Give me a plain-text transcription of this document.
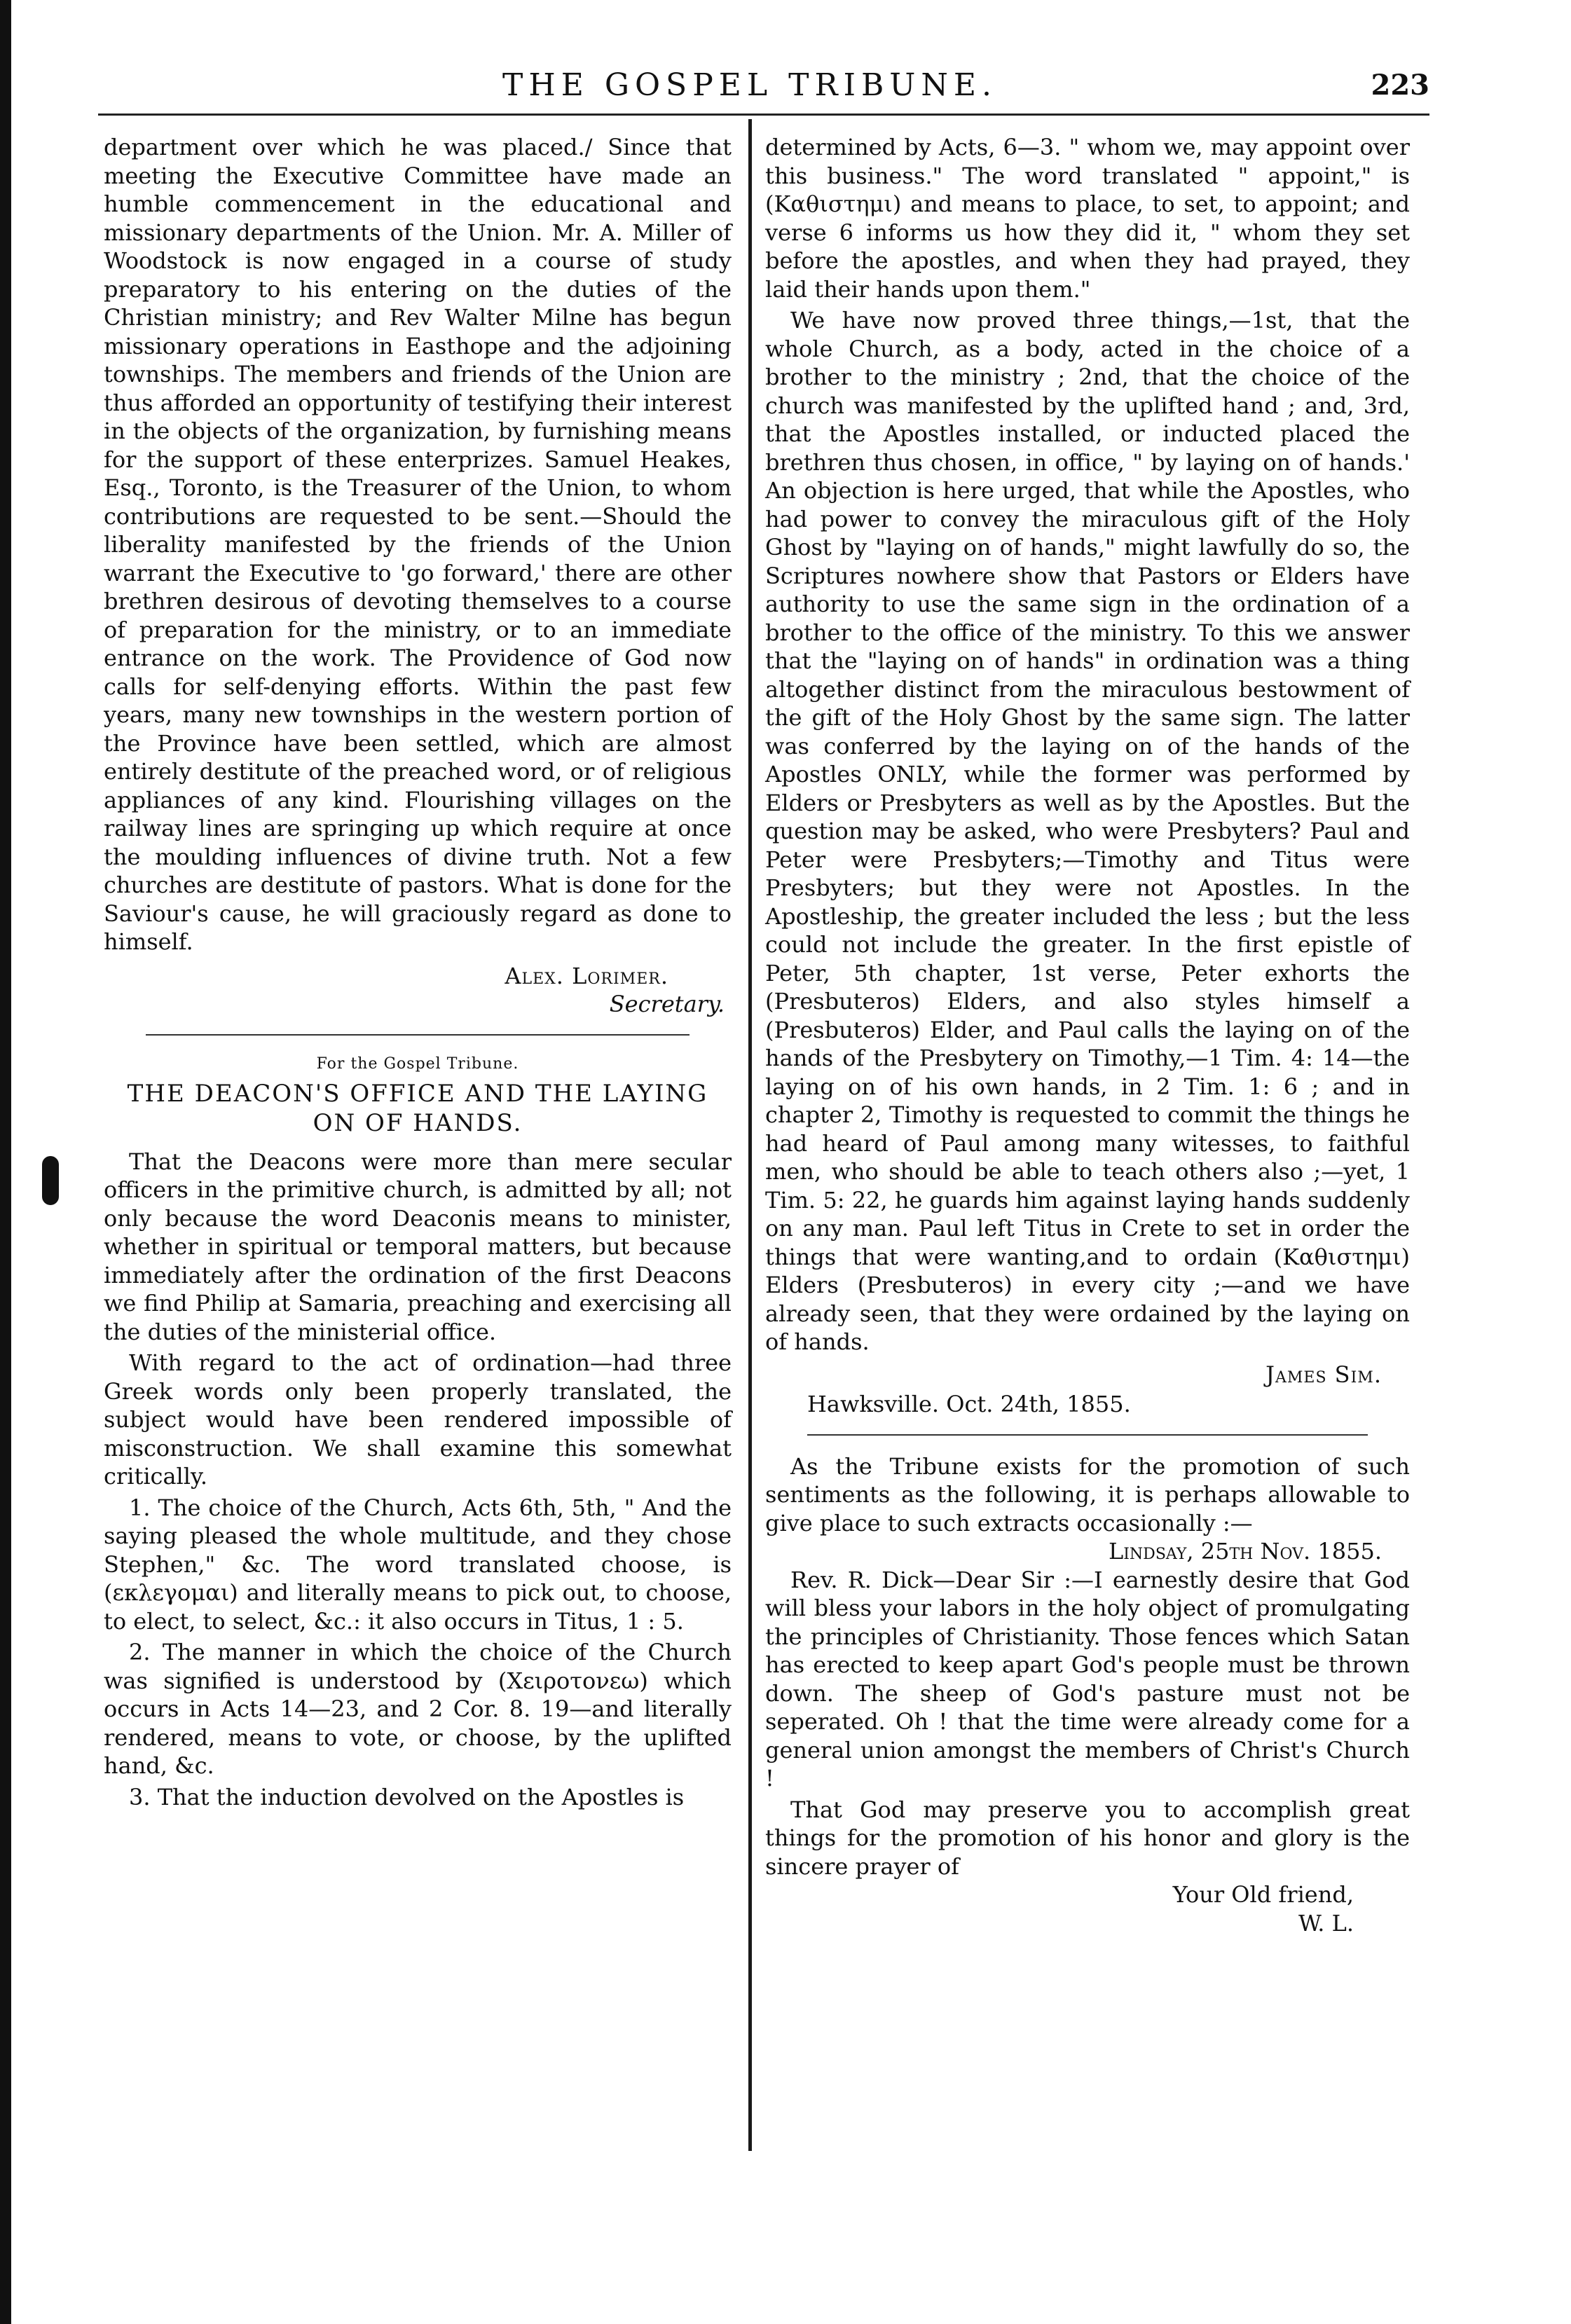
THE GOSPEL TRIBUNE.	223

department over which he was placed./ Since that meeting the Executive Committee have made an humble commencement in the educational and missionary departments of the Union. Mr. A. Miller of Woodstock is now engaged in a course of study preparatory to his entering on the duties of the Christian ministry; and Rev Walter Milne has begun missionary operations in Easthope and the adjoining townships. The members and friends of the Union are thus afforded an opportunity of testifying their interest in the objects of the organization, by furnishing means for the support of these enterprizes. Samuel Heakes, Esq., Toronto, is the Treasurer of the Union, to whom contributions are requested to be sent.—Should the liberality manifested by the friends of the Union warrant the Executive to 'go forward,' there are other brethren desirous of devoting themselves to a course of preparation for the ministry, or to an immediate entrance on the work. The Providence of God now calls for self-denying efforts. Within the past few years, many new townships in the western portion of the Province have been settled, which are almost entirely destitute of the preached word, or of religious appliances of any kind. Flourishing villages on the railway lines are springing up which require at once the moulding influences of divine truth. Not a few churches are destitute of pastors. What is done for the Saviour's cause, he will graciously regard as done to himself.

Alex. Lorimer.
Secretary.
For the Gospel Tribune.
THE DEACON'S OFFICE AND THE LAYING ON OF HANDS.

That the Deacons were more than mere secular officers in the primitive church, is admitted by all; not only because the word Deaconis means to minister, whether in spiritual or temporal matters, but because immediately after the ordination of the first Deacons we find Philip at Samaria, preaching and exercising all the duties of the ministerial office.

With regard to the act of ordination—had three Greek words only been properly translated, the subject would have been rendered impossible of misconstruction. We shall examine this somewhat critically.

1. The choice of the Church, Acts 6th, 5th, " And the saying pleased the whole multitude, and they chose Stephen," &c. The word translated choose, is (εκλεγομαι) and literally means to pick out, to choose, to elect, to select, &c.: it also occurs in Titus, 1 : 5.

2. The manner in which the choice of the Church was signified is understood by (Χειροτονεω) which occurs in Acts 14—23, and 2 Cor. 8. 19—and literally rendered, means to vote, or choose, by the uplifted hand, &c.

3. That the induction devolved on the Apostles is

determined by Acts, 6—3. " whom we, may appoint over this business." The word translated " appoint," is (Καθιστημι) and means to place, to set, to appoint; and verse 6 informs us how they did it, " whom they set before the apostles, and when they had prayed, they laid their hands upon them."

We have now proved three things,—1st, that the whole Church, as a body, acted in the choice of a brother to the ministry ; 2nd, that the choice of the church was manifested by the uplifted hand ; and, 3rd, that the Apostles installed, or inducted placed the brethren thus chosen, in office, " by laying on of hands.' An objection is here urged, that while the Apostles, who had power to convey the miraculous gift of the Holy Ghost by "laying on of hands," might lawfully do so, the Scriptures nowhere show that Pastors or Elders have authority to use the same sign in the ordination of a brother to the office of the ministry. To this we answer that the "laying on of hands" in ordination was a thing altogether distinct from the miraculous bestowment of the gift of the Holy Ghost by the same sign. The latter was conferred by the laying on of the hands of the Apostles ONLY, while the former was performed by Elders or Presbyters as well as by the Apostles. But the question may be asked, who were Presbyters? Paul and Peter were Presbyters;—Timothy and Titus were Presbyters; but they were not Apostles. In the Apostleship, the greater included the less ; but the less could not include the greater. In the first epistle of Peter, 5th chapter, 1st verse, Peter exhorts the (Presbuteros) Elders, and also styles himself a (Presbuteros) Elder, and Paul calls the laying on of the hands of the Presbytery on Timothy,—1 Tim. 4: 14—the laying on of his own hands, in 2 Tim. 1: 6 ; and in chapter 2, Timothy is requested to commit the things he had heard of Paul among many witesses, to faithful men, who should be able to teach others also ;—yet, 1 Tim. 5: 22, he guards him against laying hands suddenly on any man. Paul left Titus in Crete to set in order the things that were wanting,and to ordain (Καθιστημι) Elders (Presbuteros) in every city ;—and we have already seen, that they were ordained by the laying on of hands.

James Sim.
Hawksville. Oct. 24th, 1855.

As the Tribune exists for the promotion of such sentiments as the following, it is perhaps allowable to give place to such extracts occasionally :—

Lindsay, 25th Nov. 1855.

Rev. R. Dick—Dear Sir :—I earnestly desire that God will bless your labors in the holy object of promulgating the principles of Christianity. Those fences which Satan has erected to keep apart God's people must be thrown down. The sheep of God's pasture must not be seperated. Oh ! that the time were already come for a general union amongst the members of Christ's Church !

That God may preserve you to accomplish great things for the promotion of his honor and glory is the sincere prayer of

Your Old friend,
W. L.
